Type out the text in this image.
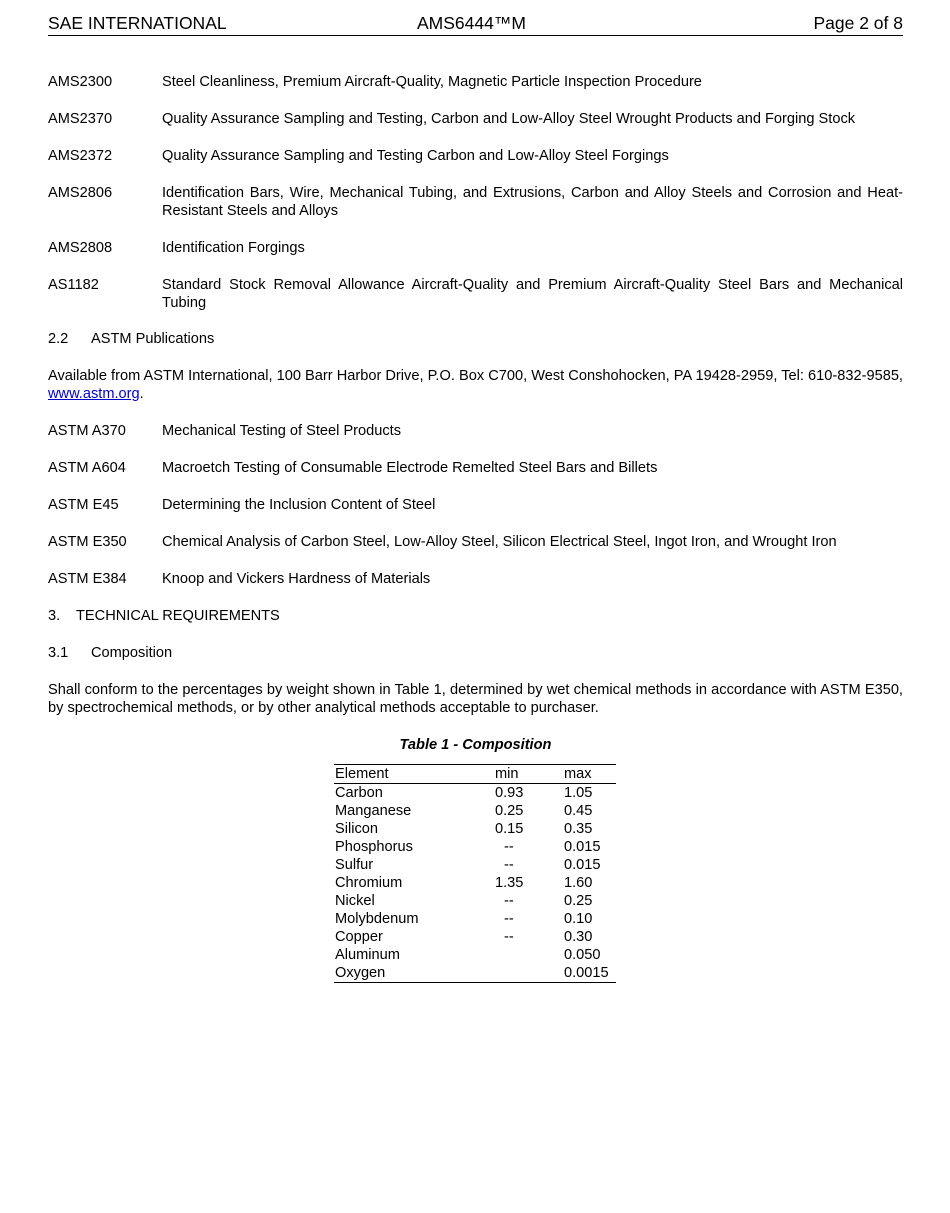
SAE INTERNATIONAL	AMS6444™M	Page 2 of 8
AMS2300	Steel Cleanliness, Premium Aircraft-Quality, Magnetic Particle Inspection Procedure
AMS2370	Quality Assurance Sampling and Testing, Carbon and Low-Alloy Steel Wrought Products and Forging Stock
AMS2372	Quality Assurance Sampling and Testing Carbon and Low-Alloy Steel Forgings
AMS2806	Identification Bars, Wire, Mechanical Tubing, and Extrusions, Carbon and Alloy Steels and Corrosion and Heat-Resistant Steels and Alloys
AMS2808	Identification Forgings
AS1182	Standard Stock Removal Allowance Aircraft-Quality and Premium Aircraft-Quality Steel Bars and Mechanical Tubing
2.2	ASTM Publications
Available from ASTM International, 100 Barr Harbor Drive, P.O. Box C700, West Conshohocken, PA 19428-2959, Tel: 610-832-9585, www.astm.org.
ASTM A370	Mechanical Testing of Steel Products
ASTM A604	Macroetch Testing of Consumable Electrode Remelted Steel Bars and Billets
ASTM E45	Determining the Inclusion Content of Steel
ASTM E350	Chemical Analysis of Carbon Steel, Low-Alloy Steel, Silicon Electrical Steel, Ingot Iron, and Wrought Iron
ASTM E384	Knoop and Vickers Hardness of Materials
3.	TECHNICAL REQUIREMENTS
3.1	Composition
Shall conform to the percentages by weight shown in Table 1, determined by wet chemical methods in accordance with ASTM E350, by spectrochemical methods, or by other analytical methods acceptable to purchaser.
Table 1 - Composition
Element	min	max
Carbon	0.93	1.05
Manganese	0.25	0.45
Silicon	0.15	0.35
Phosphorus	--	0.015
Sulfur	--	0.015
Chromium	1.35	1.60
Nickel	--	0.25
Molybdenum	--	0.10
Copper	--	0.30
Aluminum		0.050
Oxygen		0.0015
